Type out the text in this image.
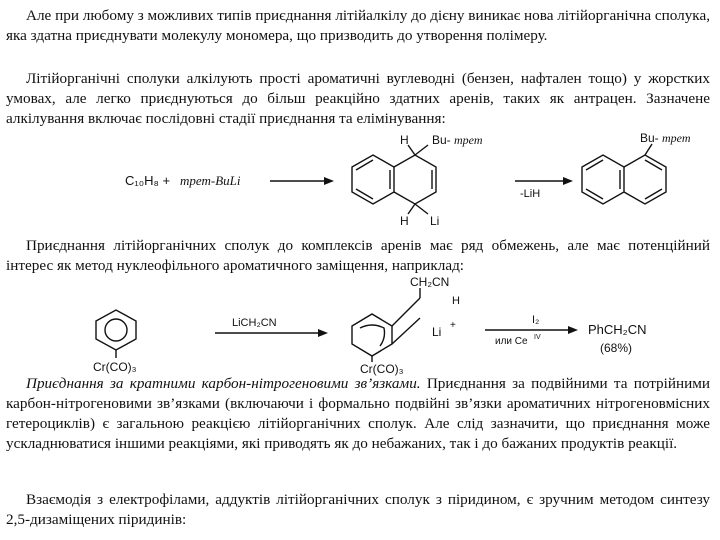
Але при любому з можливих типів приєднання літійалкілу до дієну виникає нова літійорганічна сполука, яка здатна приєднувати молекулу мономера, що призводить до утворення полімеру.

Літійорганічні сполуки алкілують прості ароматичні вуглеводні (бензен, нафтален тощо) у жорстких умовах, але легко приєднуються до більш реакційно здатних аренів, таких як антрацен. Зазначене алкілування включає послідовні стадії приєднання та елімінування:

C₁₀H₈ + трет-BuLi
H Bu- трет
H Li
-LiH
Bu- трет

Приєднання літійорганічних сполук до комплексів аренів має ряд обмежень, але має потенційний інтерес як метод нуклеофільного ароматичного заміщення, наприклад:

Cr(CO)₃
LiCH₂CN
CH₂CN
H
Li +
Cr(CO)₃
I₂
или Ce IV
PhCH₂CN
(68%)

Приєднання за кратними карбон-нітрогеновими зв’язками. Приєднання за подвійними та потрійними карбон-нітрогеновими зв’язками (включаючи і формально подвійні зв’язки ароматичних нітрогеновмісних гетероциклів) є загальною реакцією літійорганічних сполук. Але слід зазначити, що приєднання може ускладнюватися іншими реакціями, які приводять як до небажаних, так і до бажаних продуктів реакції.

Взаємодія з електрофілами, аддуктів літійорганічних сполук з піридином, є зручним методом синтезу 2,5-дизаміщених піридинів:
